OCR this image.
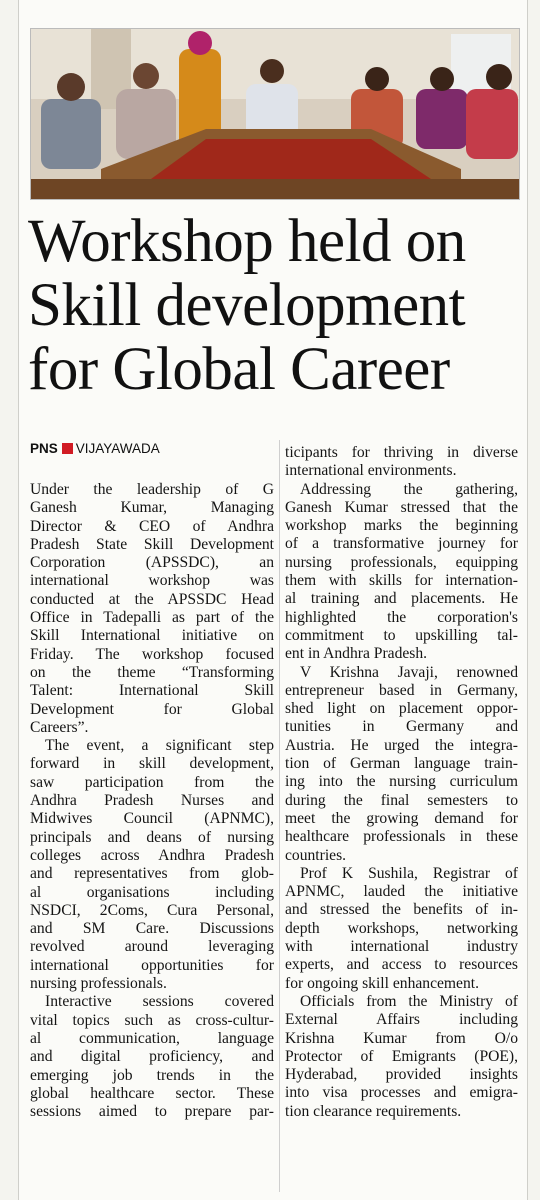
Workshop held on
Skill development
for Global Career
PNS VIJAYAWADA
Under the leadership of G
Ganesh Kumar, Managing
Director & CEO of Andhra
Pradesh State Skill Development
Corporation (APSSDC), an
international workshop was
conducted at the APSSDC Head
Office in Tadepalli as part of the
Skill International initiative on
Friday. The workshop focused
on the theme “Transforming
Talent: International Skill
Development for Global
Careers”.
The event, a significant step
forward in skill development,
saw participation from the
Andhra Pradesh Nurses and
Midwives Council (APNMC),
principals and deans of nursing
colleges across Andhra Pradesh
and representatives from glob-
al organisations including
NSDCI, 2Coms, Cura Personal,
and SM Care. Discussions
revolved around leveraging
international opportunities for
nursing professionals.
Interactive sessions covered
vital topics such as cross-cultur-
al communication, language
and digital proficiency, and
emerging job trends in the
global healthcare sector. These
sessions aimed to prepare par-
ticipants for thriving in diverse
international environments.
Addressing the gathering,
Ganesh Kumar stressed that the
workshop marks the beginning
of a transformative journey for
nursing professionals, equipping
them with skills for internation-
al training and placements. He
highlighted the corporation's
commitment to upskilling tal-
ent in Andhra Pradesh.
V Krishna Javaji, renowned
entrepreneur based in Germany,
shed light on placement oppor-
tunities in Germany and
Austria. He urged the integra-
tion of German language train-
ing into the nursing curriculum
during the final semesters to
meet the growing demand for
healthcare professionals in these
countries.
Prof K Sushila, Registrar of
APNMC, lauded the initiative
and stressed the benefits of in-
depth workshops, networking
with international industry
experts, and access to resources
for ongoing skill enhancement.
Officials from the Ministry of
External Affairs including
Krishna Kumar from O/o
Protector of Emigrants (POE),
Hyderabad, provided insights
into visa processes and emigra-
tion clearance requirements.
